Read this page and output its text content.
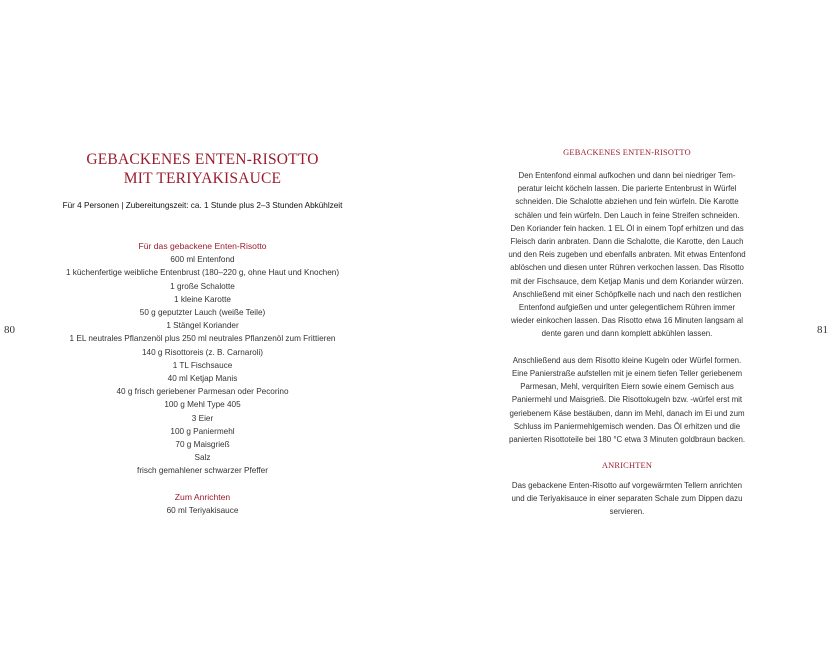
80	81
GEBACKENES ENTEN-RISOTTO
MIT TERIYAKISAUCE
Für 4 Personen | Zubereitungszeit: ca. 1 Stunde plus 2–3 Stunden Abkühlzeit
Für das gebackene Enten-Risotto
600 ml Entenfond
1 küchenfertige weibliche Entenbrust (180–220 g, ohne Haut und Knochen)
1 große Schalotte
1 kleine Karotte
50 g geputzter Lauch (weiße Teile)
1 Stängel Koriander
1 EL neutrales Pflanzenöl plus 250 ml neutrales Pflanzenöl zum Frittieren
140 g Risottoreis (z. B. Carnaroli)
1 TL Fischsauce
40 ml Ketjap Manis
40 g frisch geriebener Parmesan oder Pecorino
100 g Mehl Type 405
3 Eier
100 g Paniermehl
70 g Maisgrieß
Salz
frisch gemahlener schwarzer Pfeffer
Zum Anrichten
60 ml Teriyakisauce
GEBACKENES ENTEN-RISOTTO
Den Entenfond einmal aufkochen und dann bei niedriger Tem-
peratur leicht köcheln lassen. Die parierte Entenbrust in Würfel
schneiden. Die Schalotte abziehen und fein würfeln. Die Karotte
schälen und fein würfeln. Den Lauch in feine Streifen schneiden.
Den Koriander fein hacken. 1 EL Öl in einem Topf erhitzen und das
Fleisch darin anbraten. Dann die Schalotte, die Karotte, den Lauch
und den Reis zugeben und ebenfalls anbraten. Mit etwas Entenfond
ablöschen und diesen unter Rühren verkochen lassen. Das Risotto
mit der Fischsauce, dem Ketjap Manis und dem Koriander würzen.
Anschließend mit einer Schöpfkelle nach und nach den restlichen
Entenfond aufgießen und unter gelegentlichem Rühren immer
wieder einkochen lassen. Das Risotto etwa 16 Minuten langsam al
dente garen und dann komplett abkühlen lassen.
Anschließend aus dem Risotto kleine Kugeln oder Würfel formen.
Eine Panierstraße aufstellen mit je einem tiefen Teller geriebenem
Parmesan, Mehl, verquirlten Eiern sowie einem Gemisch aus
Paniermehl und Maisgrieß. Die Risottokugeln bzw. -würfel erst mit
geriebenem Käse bestäuben, dann im Mehl, danach im Ei und zum
Schluss im Paniermehlgemisch wenden. Das Öl erhitzen und die
panierten Risottoteile bei 180 °C etwa 3 Minuten goldbraun backen.
ANRICHTEN
Das gebackene Enten-Risotto auf vorgewärmten Tellern anrichten
und die Teriyakisauce in einer separaten Schale zum Dippen dazu
servieren.
